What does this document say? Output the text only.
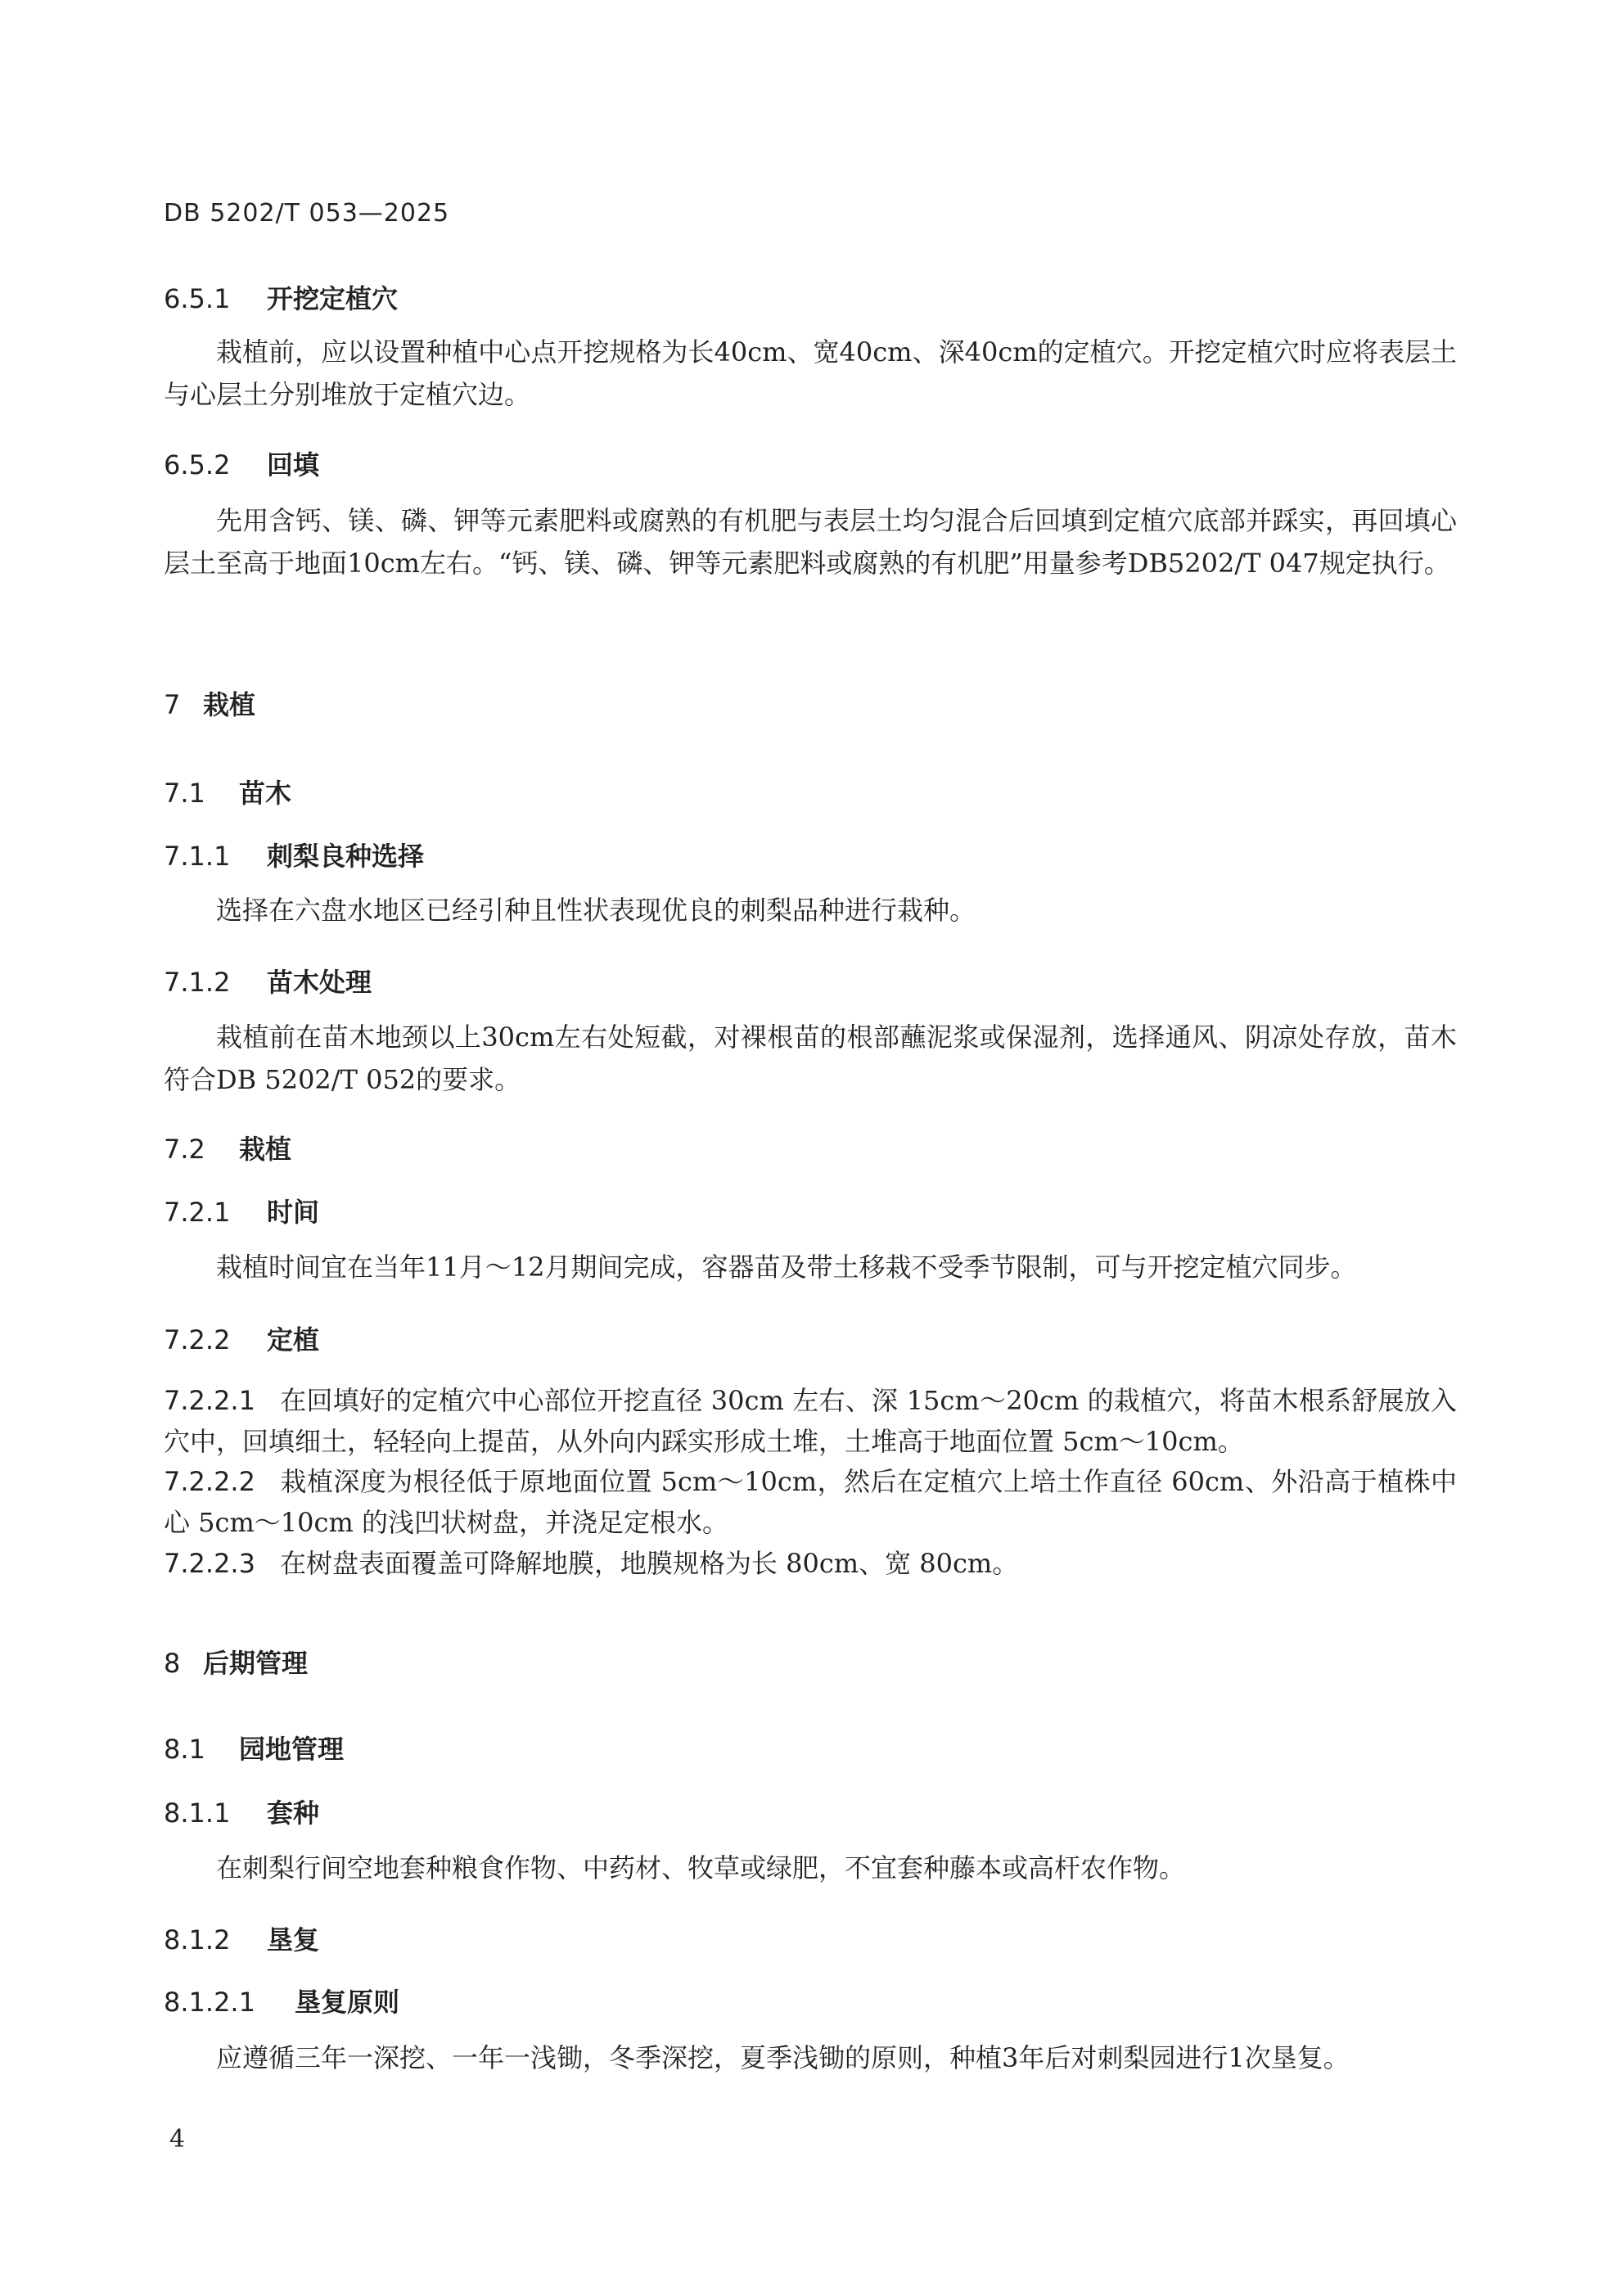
DB 5202/T 053—2025
6.5.1 开挖定植穴
栽植前，应以设置种植中心点开挖规格为长40cm、宽40cm、深40cm的定植穴。开挖定植穴时应将表层土与心层土分别堆放于定植穴边。
6.5.2 回填
先用含钙、镁、磷、钾等元素肥料或腐熟的有机肥与表层土均匀混合后回填到定植穴底部并踩实，再回填心层土至高于地面10cm左右。“钙、镁、磷、钾等元素肥料或腐熟的有机肥”用量参考DB5202/T 047规定执行。
7 栽植
7.1 苗木
7.1.1 刺梨良种选择
选择在六盘水地区已经引种且性状表现优良的刺梨品种进行栽种。
7.1.2 苗木处理
栽植前在苗木地颈以上30cm左右处短截，对裸根苗的根部蘸泥浆或保湿剂，选择通风、阴凉处存放，苗木符合DB 5202/T 052的要求。
7.2 栽植
7.2.1 时间
栽植时间宜在当年11月～12月期间完成，容器苗及带土移栽不受季节限制，可与开挖定植穴同步。
7.2.2 定植
7.2.2.1 在回填好的定植穴中心部位开挖直径 30cm 左右、深 15cm～20cm 的栽植穴，将苗木根系舒展放入穴中，回填细土，轻轻向上提苗，从外向内踩实形成土堆，土堆高于地面位置 5cm～10cm。
7.2.2.2 栽植深度为根径低于原地面位置 5cm～10cm，然后在定植穴上培土作直径 60cm、外沿高于植株中心 5cm～10cm 的浅凹状树盘，并浇足定根水。
7.2.2.3 在树盘表面覆盖可降解地膜，地膜规格为长 80cm、宽 80cm。
8 后期管理
8.1 园地管理
8.1.1 套种
在刺梨行间空地套种粮食作物、中药材、牧草或绿肥，不宜套种藤本或高杆农作物。
8.1.2 垦复
8.1.2.1 垦复原则
应遵循三年一深挖、一年一浅锄，冬季深挖，夏季浅锄的原则，种植3年后对刺梨园进行1次垦复。
4
